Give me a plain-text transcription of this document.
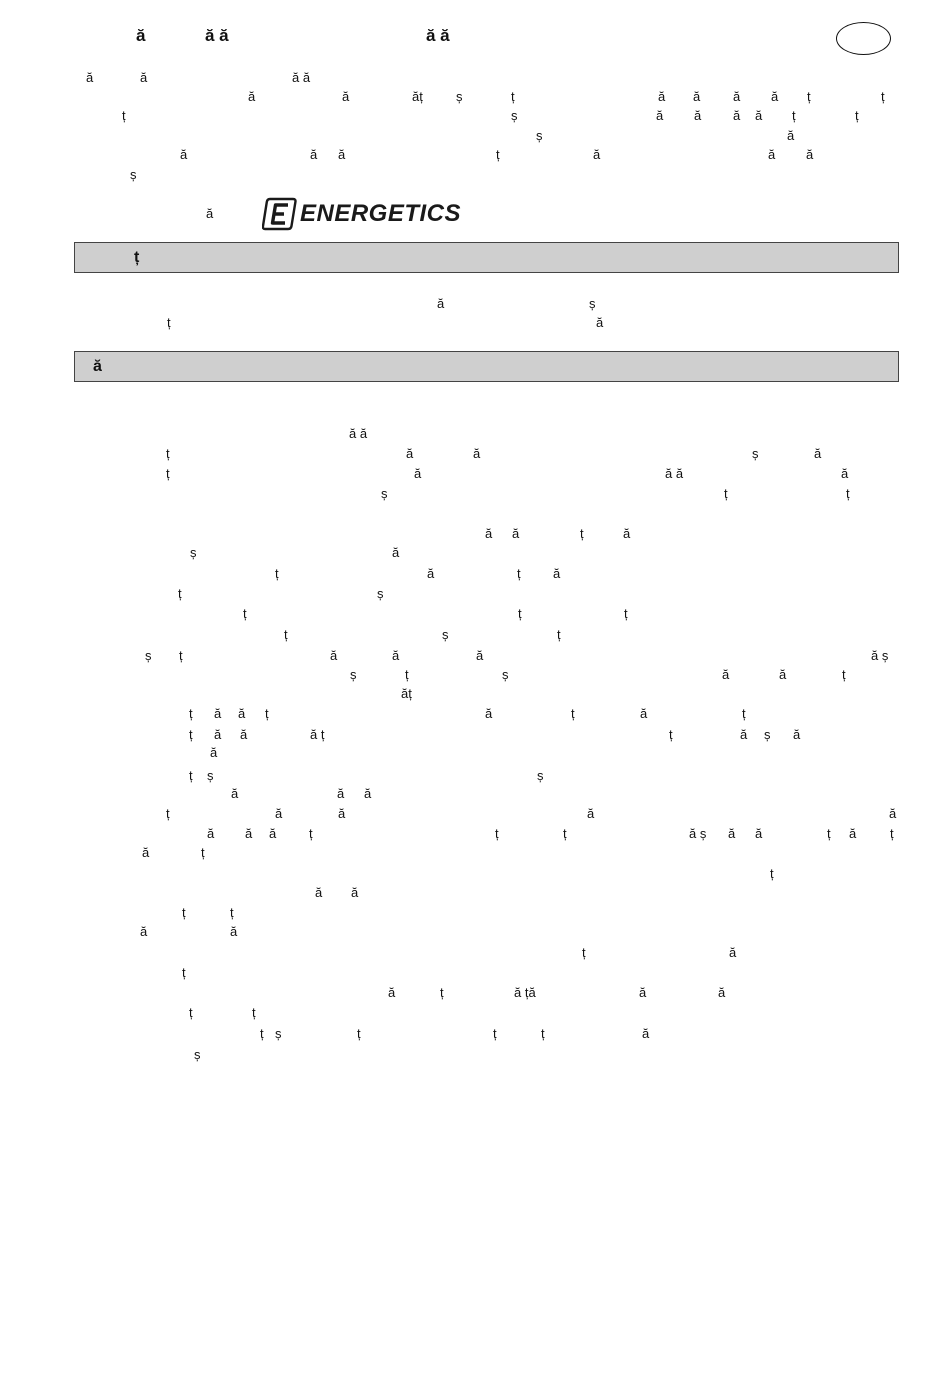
ă	ă ă	ă ă
ă	ă	ă ă
ă	ă	ăț	ș	ț	ă ă	ă ă ț	ț
ț	ș	ă ă ă ă ț	ț
ș	ă
ă	ă ă	ț	ă	ă ă
ș
ă	ENERGETICS
ț
ă	ș
ț	ă
ă
ă ă
ț	ă	ă	ș	ă
ț	ă	ă ă	ă
ș	ț	ț
ă ă	ț	ă
ș	ă
ț	ă	ț ă
ț	ș
ț	ț	ț
ț	ș	ț
ș ț	ă	ă	ă	ă ș
ș	ț	ș	ă	ă	ț
ăț
ț ă ă ț	ă	ț	ă	ț
ț ă ă	ă ț	ț	ă ș ă
ă
ț ș	ș
ă	ă ă
ț	ă	ă	ă	ă
ă ă ă	ț	ț	ț	ă ș ă ă	ț ă	ț
ă	ț
ț
ă ă
ț	ț
ă	ă
ț	ă
ț
ă	ț	ă ță	ă	ă
ț	ț
ț ș	ț	ț	ț	ă
ș
